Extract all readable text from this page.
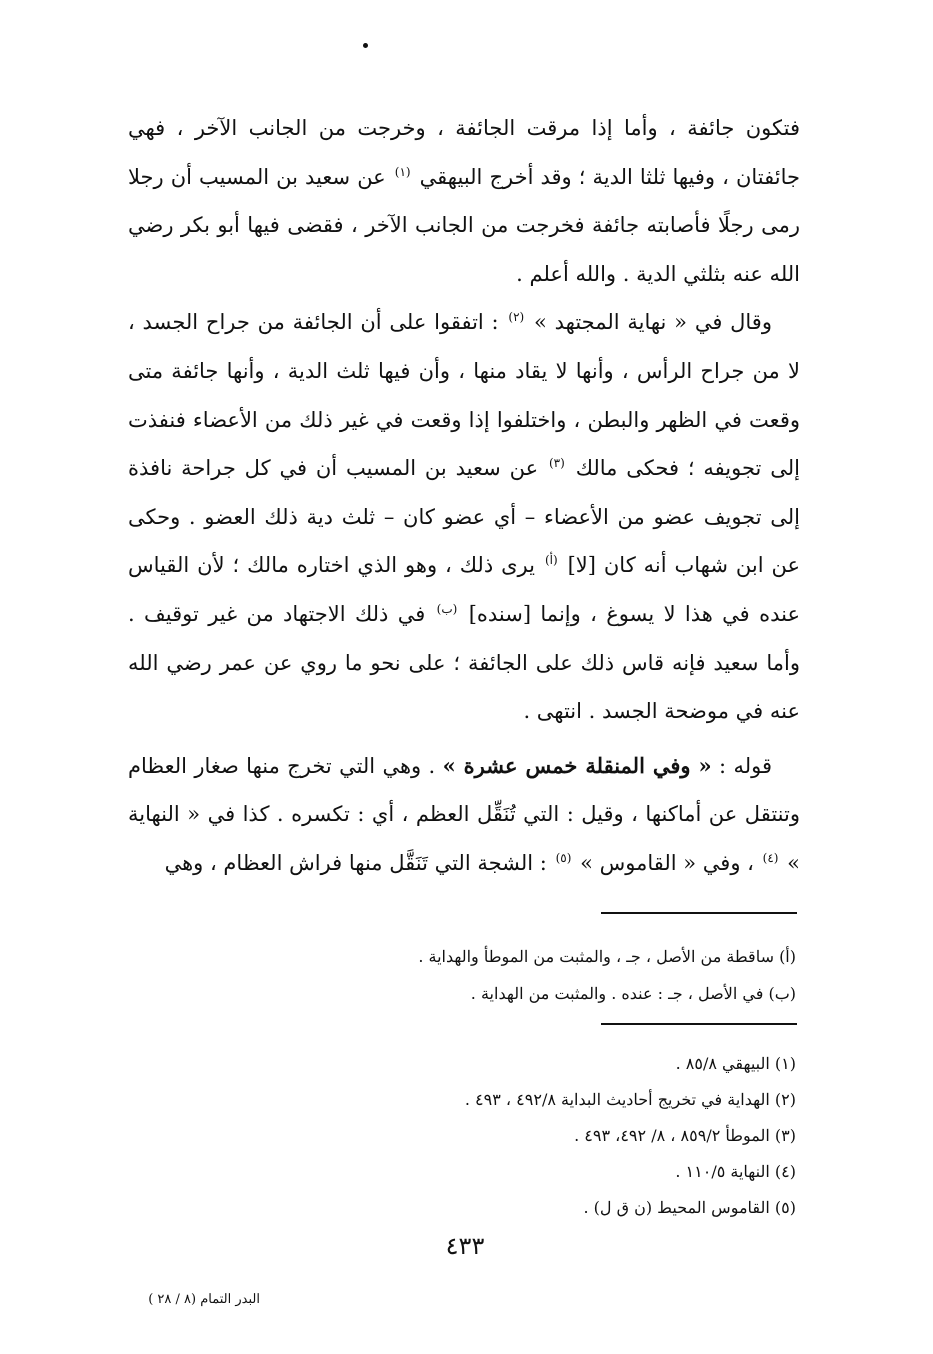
فتكون جائفة ، وأما إذا مرقت الجائفة ، وخرجت من الجانب الآخر ، فهي جائفتان ، وفيها ثلثا الدية ؛ وقد أخرج البيهقي $^{(١)}$ عن سعيد بن المسيب أن رجلا رمى رجلًا فأصابته جائفة فخرجت من الجانب الآخر ، فقضى فيها أبو بكر رضي الله عنه بثلثي الدية . والله أعلم .

وقال في « نهاية المجتهد » $^{(٢)}$ : اتفقوا على أن الجائفة من جراح الجسد ، لا من جراح الرأس ، وأنها لا يقاد منها ، وأن فيها ثلث الدية ، وأنها جائفة متى وقعت في الظهر والبطن ، واختلفوا إذا وقعت في غير ذلك من الأعضاء فنفذت إلى تجويفه ؛ فحكى مالك $^{(٣)}$ عن سعيد بن المسيب أن في كل جراحة نافذة إلى تجويف عضو من الأعضاء – أي عضو كان – ثلث دية ذلك العضو . وحكى عن ابن شهاب أنه كان [لا] $^{(أ)}$ يرى ذلك ، وهو الذي اختاره مالك ؛ لأن القياس عنده في هذا لا يسوغ ، وإنما [سنده] $^{(ب)}$ في ذلك الاجتهاد من غير توقيف . وأما سعيد فإنه قاس ذلك على الجائفة ؛ على نحو ما روي عن عمر رضي الله عنه في موضحة الجسد . انتهى .

قوله : « وفي المنقلة خمس عشرة » . وهي التي تخرج منها صغار العظام وتنتقل عن أماكنها ، وقيل : التي تُنَقِّل العظم ، أي : تكسره . كذا في « النهاية » $^{(٤)}$ ، وفي « القاموس » $^{(٥)}$ : الشجة التي تَنَقَّل منها فراش العظام ، وهي

(أ) ساقطة من الأصل ، جـ ، والمثبت من الموطأ والهداية .
(ب) في الأصل ، جـ : عنده . والمثبت من الهداية .
(١) البيهقي ٨٥/٨ .
(٢) الهداية في تخريج أحاديث البداية ٤٩٢/٨ ، ٤٩٣ .
(٣) الموطأ ٨٥٩/٢ ، ٨/ ٤٩٢، ٤٩٣ .
(٤) النهاية ١١٠/٥ .
(٥) القاموس المحيط (ن ق ل) .
٤٣٣
البدر التمام (٨ / ٢٨ )
